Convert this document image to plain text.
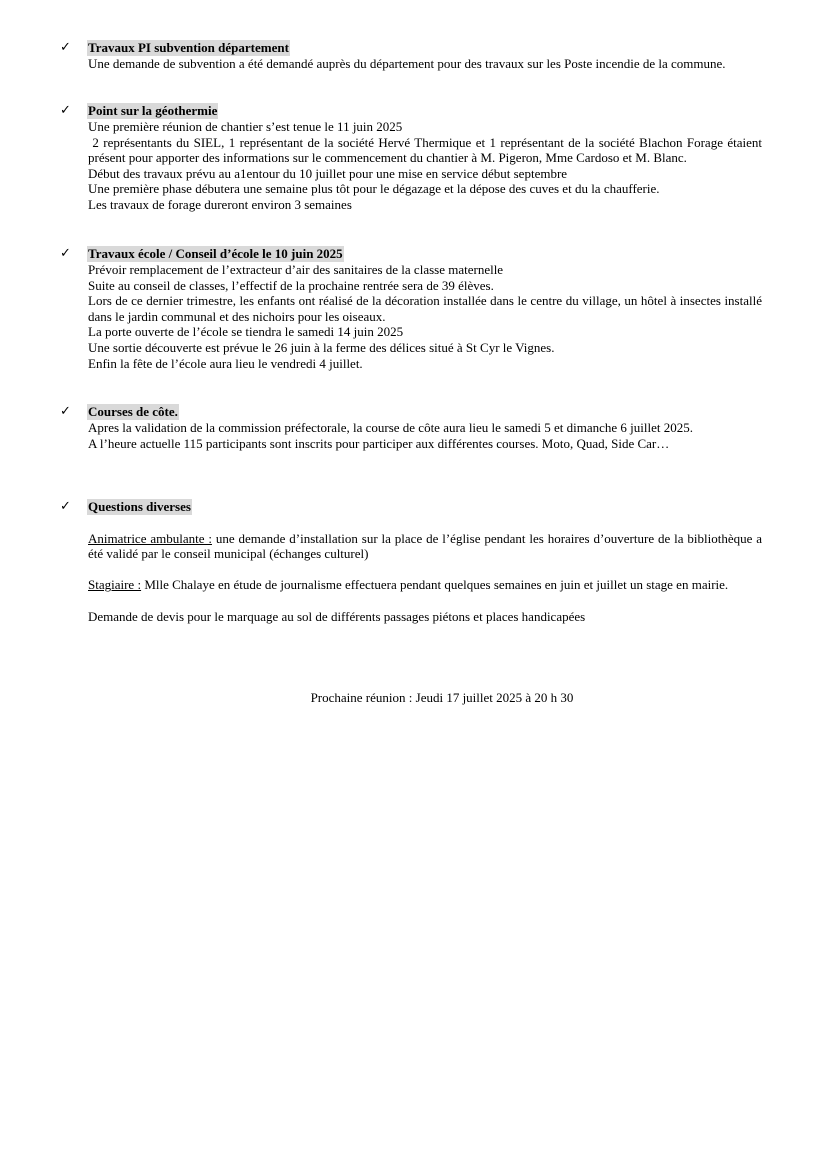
✓ Travaux PI subvention département

Une demande de subvention a été demandé auprès du département pour des travaux sur les Poste incendie de la commune.

✓ Point sur la géothermie

Une première réunion de chantier s’est tenue le 11 juin 2025

2 représentants du SIEL, 1 représentant de la société Hervé Thermique et 1 représentant de la société Blachon Forage étaient présent pour apporter des informations sur le commencement du chantier à M. Pigeron, Mme Cardoso et M. Blanc.

Début des travaux prévu au a1entour du 10 juillet pour une mise en service début septembre

Une première phase débutera une semaine plus tôt pour le dégazage et la dépose des cuves et du la chaufferie.

Les travaux de forage dureront environ 3 semaines

✓ Travaux école / Conseil d’école le 10 juin 2025

Prévoir remplacement de l’extracteur d’air des sanitaires de la classe maternelle

Suite au conseil de classes, l’effectif de la prochaine rentrée sera de 39 élèves.

Lors de ce dernier trimestre, les enfants ont réalisé de la décoration installée dans le centre du village, un hôtel à insectes installé dans le jardin communal et des nichoirs pour les oiseaux.

La porte ouverte de l’école se tiendra le samedi 14 juin 2025

Une sortie découverte est prévue le 26 juin à la ferme des délices situé à St Cyr le Vignes.

Enfin la fête de l’école aura lieu le vendredi 4 juillet.

✓ Courses de côte.

Apres la validation de la commission préfectorale, la course de côte aura lieu le samedi 5 et dimanche 6 juillet 2025.

A l’heure actuelle 115 participants sont inscrits pour participer aux différentes courses. Moto, Quad, Side Car…

✓ Questions diverses

Animatrice ambulante : une demande d’installation sur la place de l’église pendant les horaires d’ouverture de la bibliothèque a été validé par le conseil municipal (échanges culturel)

Stagiaire : Mlle Chalaye en étude de journalisme effectuera pendant quelques semaines en juin et juillet un stage en mairie.

Demande de devis pour le marquage au sol de différents passages piétons et places handicapées

Prochaine réunion : Jeudi 17 juillet 2025 à 20 h 30
